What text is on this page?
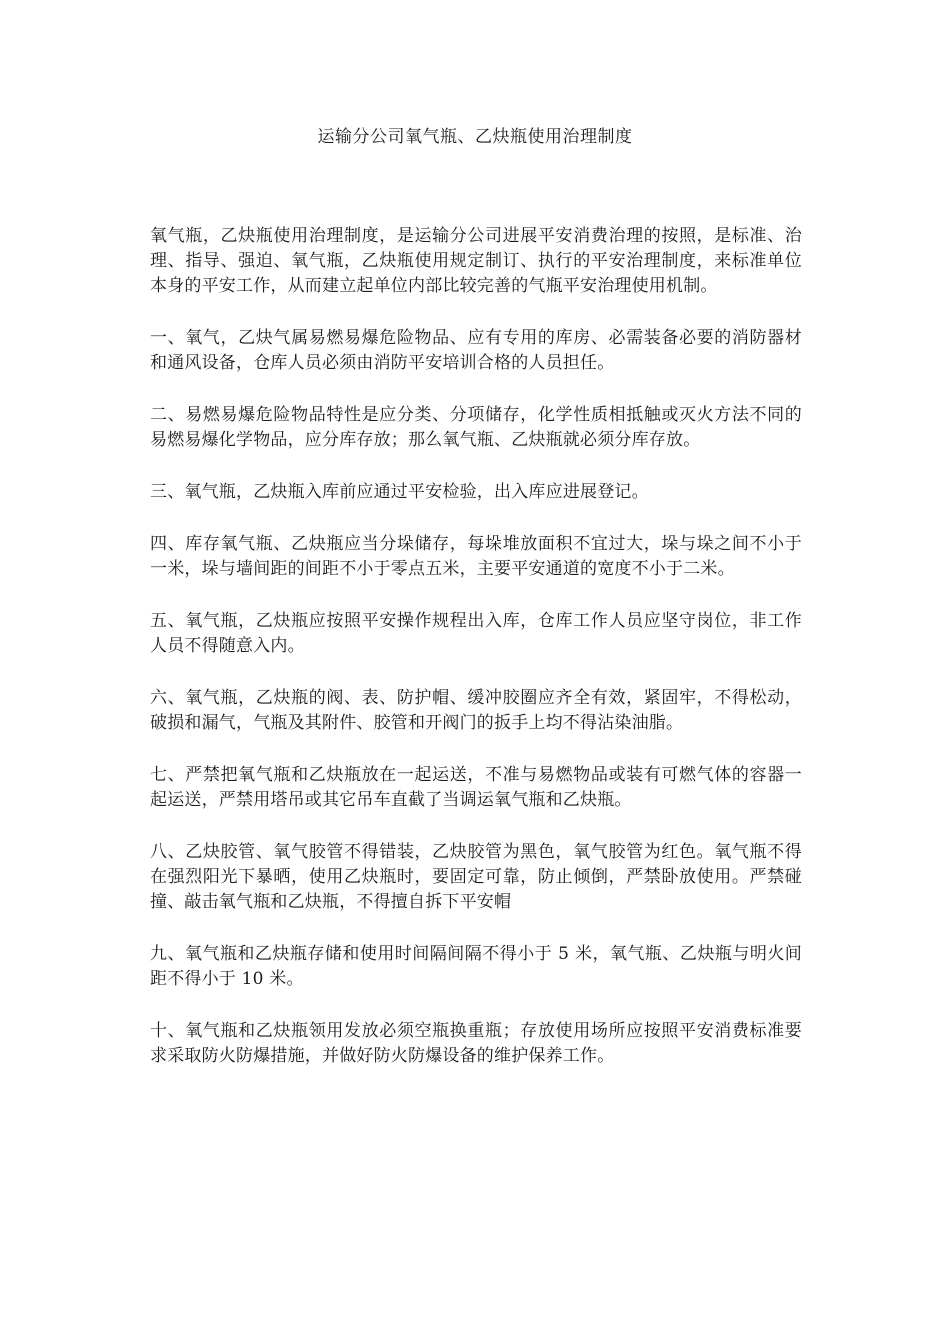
运输分公司氧气瓶、乙炔瓶使用治理制度

氧气瓶，乙炔瓶使用治理制度，是运输分公司进展平安消费治理的按照，是标准、治理、指导、强迫、氧气瓶，乙炔瓶使用规定制订、执行的平安治理制度，来标准单位本身的平安工作，从而建立起单位内部比较完善的气瓶平安治理使用机制。

一、氧气，乙炔气属易燃易爆危险物品、应有专用的库房、必需装备必要的消防器材和通风设备，仓库人员必须由消防平安培训合格的人员担任。

二、易燃易爆危险物品特性是应分类、分项储存，化学性质相抵触或灭火方法不同的易燃易爆化学物品，应分库存放；那么氧气瓶、乙炔瓶就必须分库存放。

三、氧气瓶，乙炔瓶入库前应通过平安检验，出入库应进展登记。

四、库存氧气瓶、乙炔瓶应当分垛储存，每垛堆放面积不宜过大，垛与垛之间不小于一米，垛与墙间距的间距不小于零点五米，主要平安通道的宽度不小于二米。

五、氧气瓶，乙炔瓶应按照平安操作规程出入库，仓库工作人员应坚守岗位，非工作人员不得随意入内。

六、氧气瓶，乙炔瓶的阀、表、防护帽、缓冲胶圈应齐全有效，紧固牢，不得松动，破损和漏气，气瓶及其附件、胶管和开阀门的扳手上均不得沾染油脂。

七、严禁把氧气瓶和乙炔瓶放在一起运送，不准与易燃物品或装有可燃气体的容器一起运送，严禁用塔吊或其它吊车直截了当调运氧气瓶和乙炔瓶。

八、乙炔胶管、氧气胶管不得错装，乙炔胶管为黑色，氧气胶管为红色。氧气瓶不得在强烈阳光下暴晒，使用乙炔瓶时，要固定可靠，防止倾倒，严禁卧放使用。严禁碰撞、敲击氧气瓶和乙炔瓶，不得擅自拆下平安帽

九、氧气瓶和乙炔瓶存储和使用时间隔间隔不得小于 5 米，氧气瓶、乙炔瓶与明火间距不得小于 10 米。

十、氧气瓶和乙炔瓶领用发放必须空瓶换重瓶；存放使用场所应按照平安消费标准要求采取防火防爆措施，并做好防火防爆设备的维护保养工作。
